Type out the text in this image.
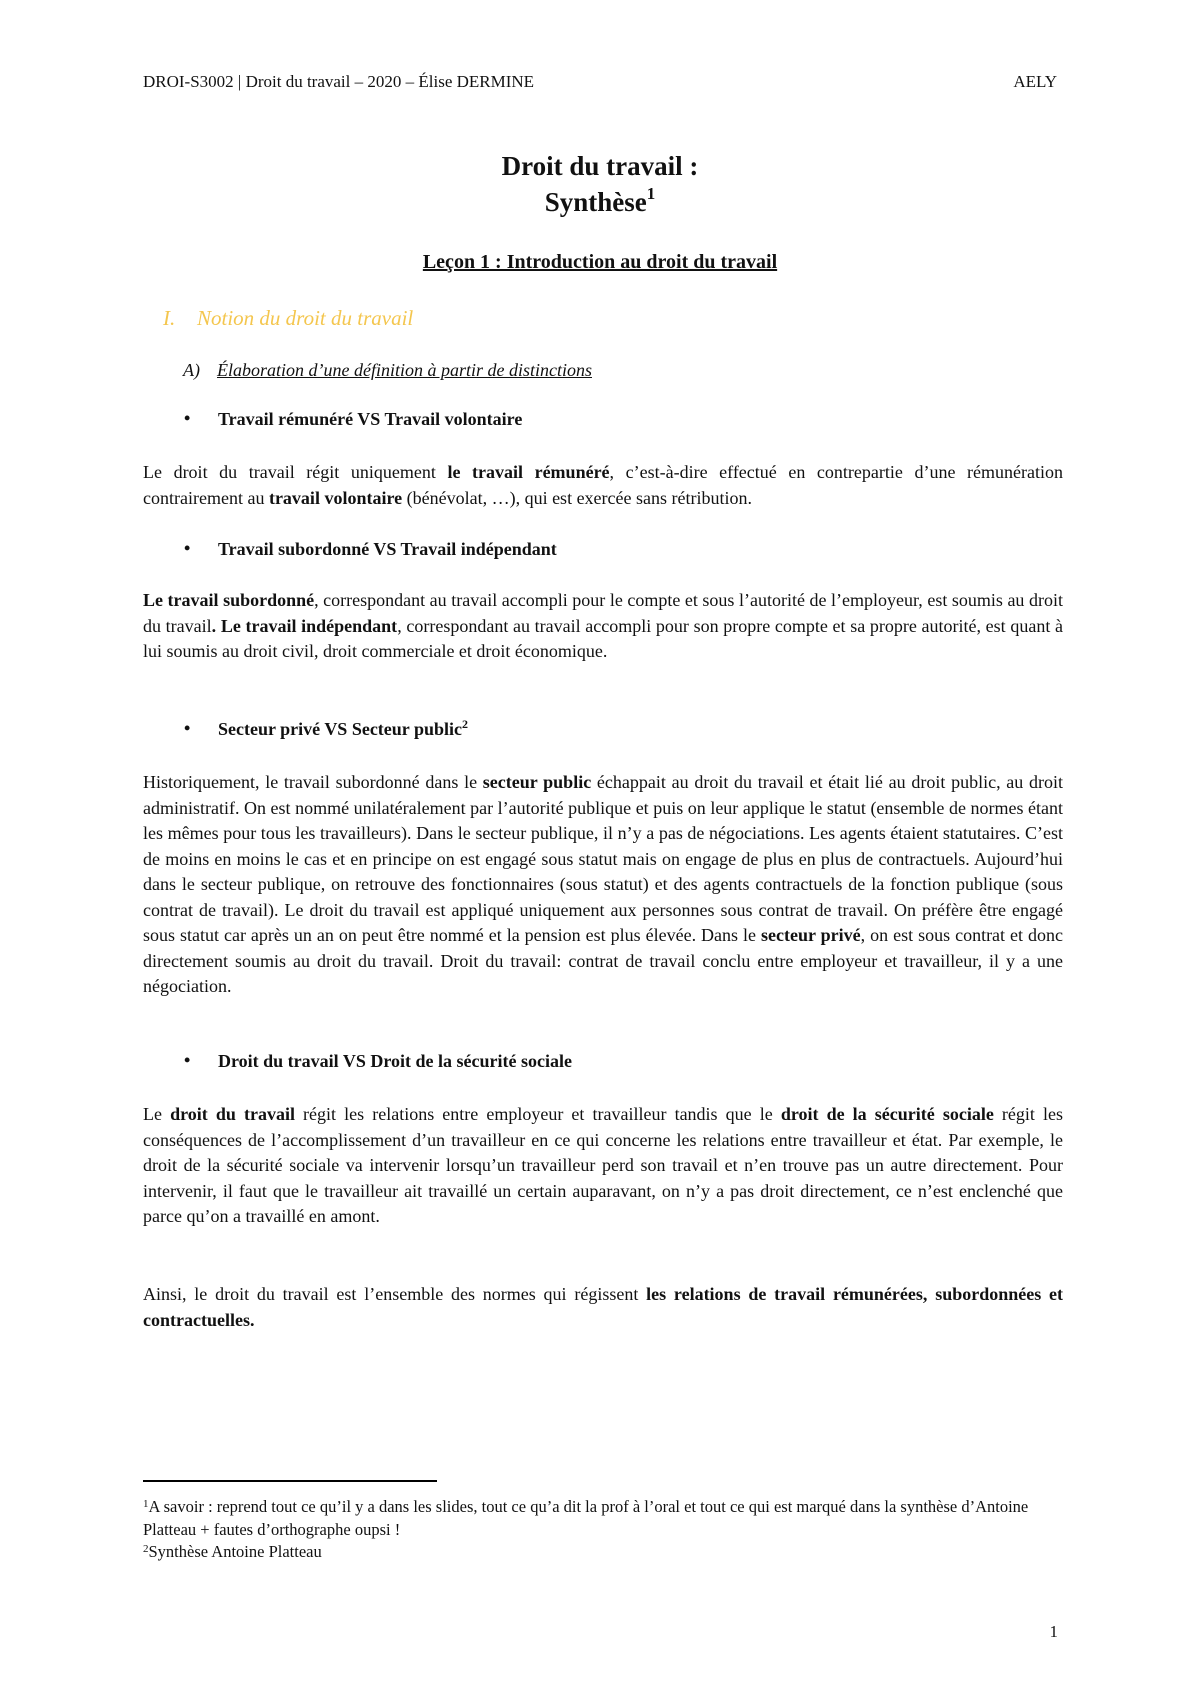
DROI-S3002 | Droit du travail – 2020 – Élise DERMINE	AELY
Droit du travail :
Synthèse$^1$
Leçon 1 : Introduction au droit du travail
I. Notion du droit du travail
A) Élaboration d’une définition à partir de distinctions
• Travail rémunéré VS Travail volontaire
Le droit du travail régit uniquement le travail rémunéré, c’est-à-dire effectué en contrepartie d’une rémunération contrairement au travail volontaire (bénévolat, …), qui est exercée sans rétribution.
• Travail subordonné VS Travail indépendant
Le travail subordonné, correspondant au travail accompli pour le compte et sous l’autorité de l’employeur, est soumis au droit du travail. Le travail indépendant, correspondant au travail accompli pour son propre compte et sa propre autorité, est quant à lui soumis au droit civil, droit commerciale et droit économique.
• Secteur privé VS Secteur public$^2$
Historiquement, le travail subordonné dans le secteur public échappait au droit du travail et était lié au droit public, au droit administratif. On est nommé unilatéralement par l’autorité publique et puis on leur applique le statut (ensemble de normes étant les mêmes pour tous les travailleurs). Dans le secteur publique, il n’y a pas de négociations. Les agents étaient statutaires. C’est de moins en moins le cas et en principe on est engagé sous statut mais on engage de plus en plus de contractuels. Aujourd’hui dans le secteur publique, on retrouve des fonctionnaires (sous statut) et des agents contractuels de la fonction publique (sous contrat de travail). Le droit du travail est appliqué uniquement aux personnes sous contrat de travail. On préfère être engagé sous statut car après un an on peut être nommé et la pension est plus élevée. Dans le secteur privé, on est sous contrat et donc directement soumis au droit du travail. Droit du travail: contrat de travail conclu entre employeur et travailleur, il y a une négociation.
• Droit du travail VS Droit de la sécurité sociale
Le droit du travail régit les relations entre employeur et travailleur tandis que le droit de la sécurité sociale régit les conséquences de l’accomplissement d’un travailleur en ce qui concerne les relations entre travailleur et état. Par exemple, le droit de la sécurité sociale va intervenir lorsqu’un travailleur perd son travail et n’en trouve pas un autre directement. Pour intervenir, il faut que le travailleur ait travaillé un certain auparavant, on n’y a pas droit directement, ce n’est enclenché que parce qu’on a travaillé en amont.
Ainsi, le droit du travail est l’ensemble des normes qui régissent les relations de travail rémunérées, subordonnées et contractuelles.
$^1$A savoir : reprend tout ce qu’il y a dans les slides, tout ce qu’a dit la prof à l’oral et tout ce qui est marqué dans la synthèse d’Antoine Platteau + fautes d’orthographe oupsi !
$^2$Synthèse Antoine Platteau
1
